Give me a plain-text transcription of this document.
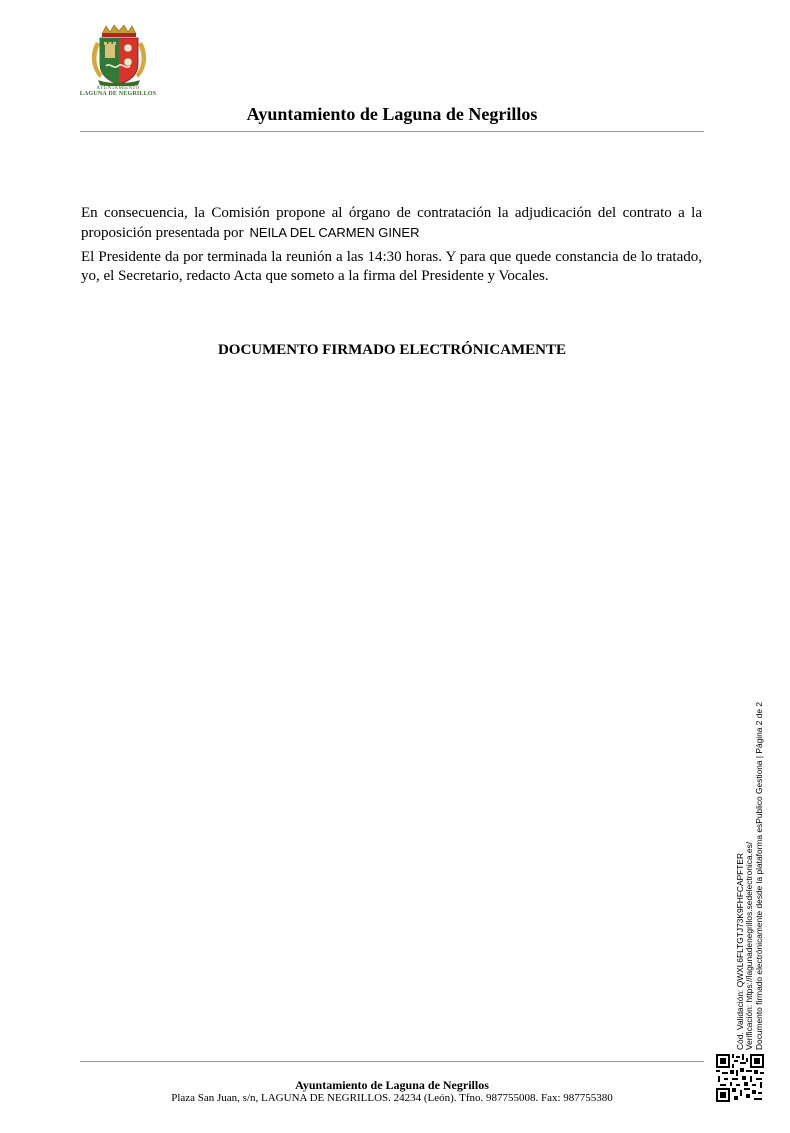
AYUNTAMIENTO
LAGUNA DE NEGRILLOS
Ayuntamiento de Laguna de Negrillos

En consecuencia, la Comisión propone al órgano de contratación la adjudicación del contrato a la proposición presentada por NEILA DEL CARMEN GINER

El Presidente da por terminada la reunión a las 14:30 horas. Y para que quede constancia de lo tratado, yo, el Secretario, redacto Acta que someto a la firma del Presidente y Vocales.

DOCUMENTO FIRMADO ELECTRÓNICAMENTE
Cód. Validación: QWXL6FLTGTJ73K9FHFCAPFTER Verificación: https://lagunadenegrillos.sedelectronica.es/ Documento firmado electrónicamente desde la plataforma esPublico Gestiona | Página 2 de 2
Ayuntamiento de Laguna de Negrillos
Plaza San Juan, s/n, LAGUNA DE NEGRILLOS. 24234 (León). Tfno. 987755008. Fax: 987755380
